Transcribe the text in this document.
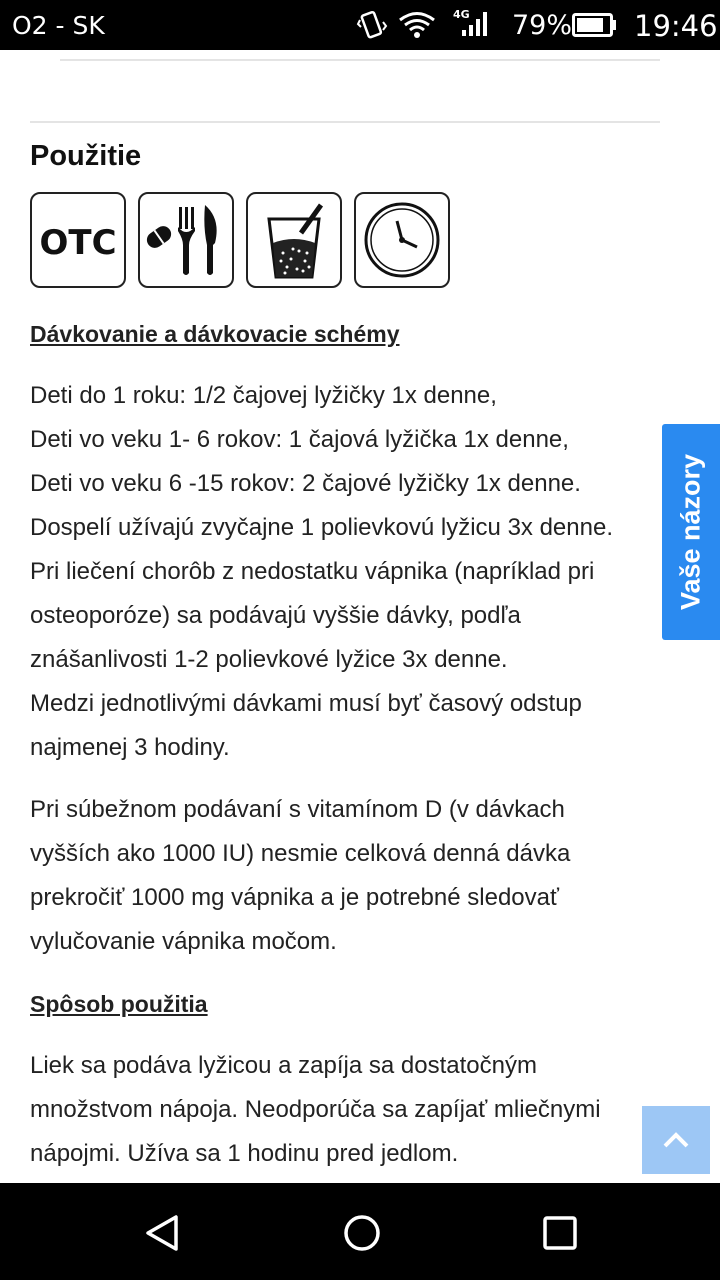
O2 - SK	4G 79% 19:46
Použitie
OTC
Dávkovanie a dávkovacie schémy
Deti do 1 roku: 1/2 čajovej lyžičky 1x denne,
Deti vo veku 1- 6 rokov: 1 čajová lyžička 1x denne,
Deti vo veku 6 -15 rokov: 2 čajové lyžičky 1x denne.
Dospelí užívajú zvyčajne 1 polievkovú lyžicu 3x denne.
Pri liečení chorôb z nedostatku vápnika (napríklad pri
osteoporóze) sa podávajú vyššie dávky, podľa
znášanlivosti 1-2 polievkové lyžice 3x denne.
Medzi jednotlivými dávkami musí byť časový odstup
najmenej 3 hodiny.
Pri súbežnom podávaní s vitamínom D (v dávkach
vyšších ako 1000 IU) nesmie celková denná dávka
prekročiť 1000 mg vápnika a je potrebné sledovať
vylučovanie vápnika močom.
Spôsob použitia
Liek sa podáva lyžicou a zapíja sa dostatočným
množstvom nápoja. Neodporúča sa zapíjať mliečnymi
nápojmi. Užíva sa 1 hodinu pred jedlom.
Vaše názory
